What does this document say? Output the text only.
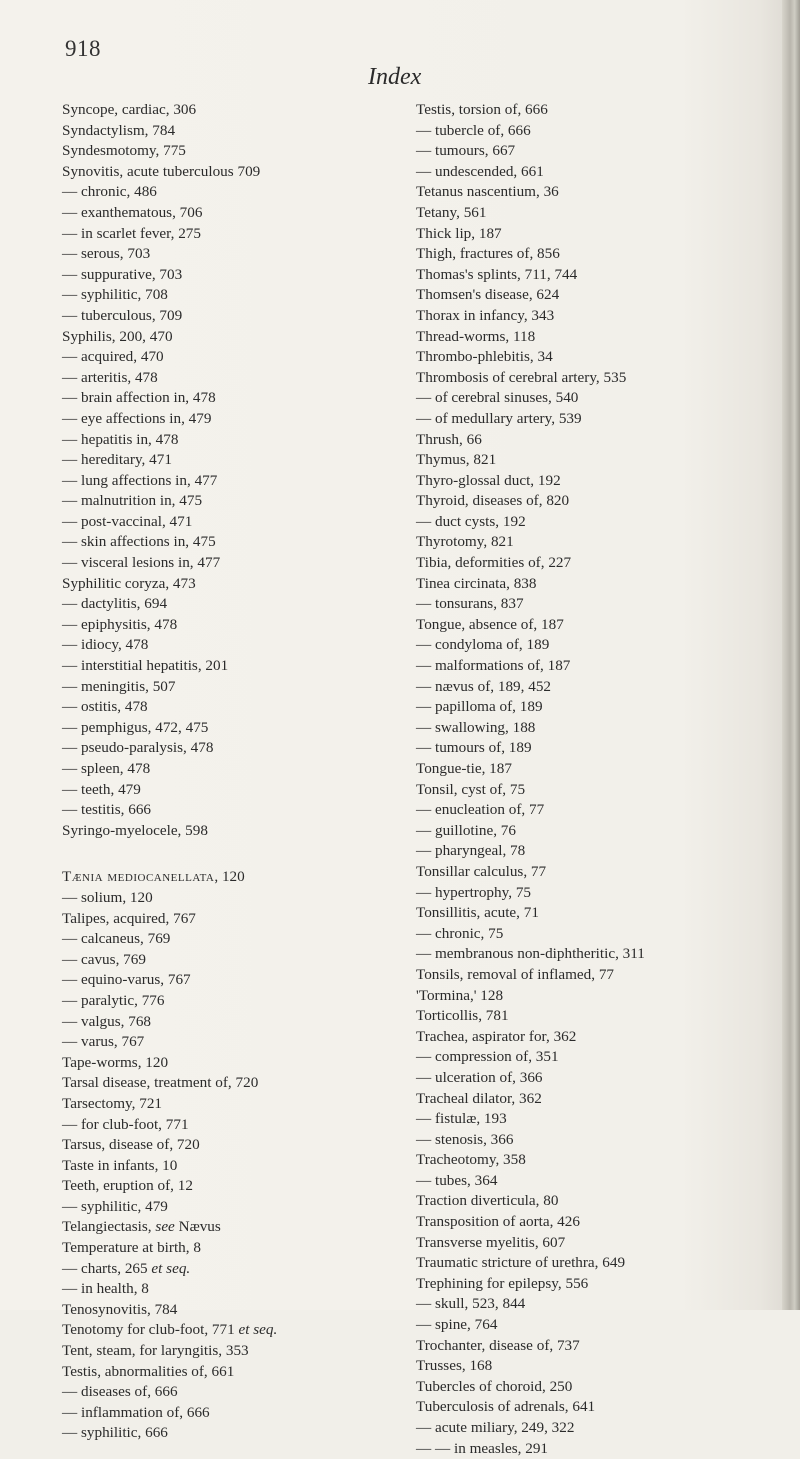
918
Index
Syncope, cardiac, 306
Syndactylism, 784
Syndesmotomy, 775
Synovitis, acute tuberculous 709
— chronic, 486
— exanthematous, 706
— in scarlet fever, 275
— serous, 703
— suppurative, 703
— syphilitic, 708
— tuberculous, 709
Syphilis, 200, 470
— acquired, 470
— arteritis, 478
— brain affection in, 478
— eye affections in, 479
— hepatitis in, 478
— hereditary, 471
— lung affections in, 477
— malnutrition in, 475
— post-vaccinal, 471
— skin affections in, 475
— visceral lesions in, 477
Syphilitic coryza, 473
— dactylitis, 694
— epiphysitis, 478
— idiocy, 478
— interstitial hepatitis, 201
— meningitis, 507
— ostitis, 478
— pemphigus, 472, 475
— pseudo-paralysis, 478
— spleen, 478
— teeth, 479
— testitis, 666
Syringo-myelocele, 598
Tænia mediocanellata, 120
— solium, 120
Talipes, acquired, 767
— calcaneus, 769
— cavus, 769
— equino-varus, 767
— paralytic, 776
— valgus, 768
— varus, 767
Tape-worms, 120
Tarsal disease, treatment of, 720
Tarsectomy, 721
— for club-foot, 771
Tarsus, disease of, 720
Taste in infants, 10
Teeth, eruption of, 12
— syphilitic, 479
Telangiectasis, see Nævus
Temperature at birth, 8
— charts, 265 et seq.
— in health, 8
Tenosynovitis, 784
Tenotomy for club-foot, 771 et seq.
Tent, steam, for laryngitis, 353
Testis, abnormalities of, 661
— diseases of, 666
— inflammation of, 666
— syphilitic, 666
Testis, torsion of, 666
— tubercle of, 666
— tumours, 667
— undescended, 661
Tetanus nascentium, 36
Tetany, 561
Thick lip, 187
Thigh, fractures of, 856
Thomas's splints, 711, 744
Thomsen's disease, 624
Thorax in infancy, 343
Thread-worms, 118
Thrombo-phlebitis, 34
Thrombosis of cerebral artery, 535
— of cerebral sinuses, 540
— of medullary artery, 539
Thrush, 66
Thymus, 821
Thyro-glossal duct, 192
Thyroid, diseases of, 820
— duct cysts, 192
Thyrotomy, 821
Tibia, deformities of, 227
Tinea circinata, 838
— tonsurans, 837
Tongue, absence of, 187
— condyloma of, 189
— malformations of, 187
— nævus of, 189, 452
— papilloma of, 189
— swallowing, 188
— tumours of, 189
Tongue-tie, 187
Tonsil, cyst of, 75
— enucleation of, 77
— guillotine, 76
— pharyngeal, 78
Tonsillar calculus, 77
— hypertrophy, 75
Tonsillitis, acute, 71
— chronic, 75
— membranous non-diphtheritic, 311
Tonsils, removal of inflamed, 77
'Tormina,' 128
Torticollis, 781
Trachea, aspirator for, 362
— compression of, 351
— ulceration of, 366
Tracheal dilator, 362
— fistulæ, 193
— stenosis, 366
Tracheotomy, 358
— tubes, 364
Traction diverticula, 80
Transposition of aorta, 426
Transverse myelitis, 607
Traumatic stricture of urethra, 649
Trephining for epilepsy, 556
— skull, 523, 844
— spine, 764
Trochanter, disease of, 737
Trusses, 168
Tubercles of choroid, 250
Tuberculosis of adrenals, 641
— acute miliary, 249, 322
— — in measles, 291
